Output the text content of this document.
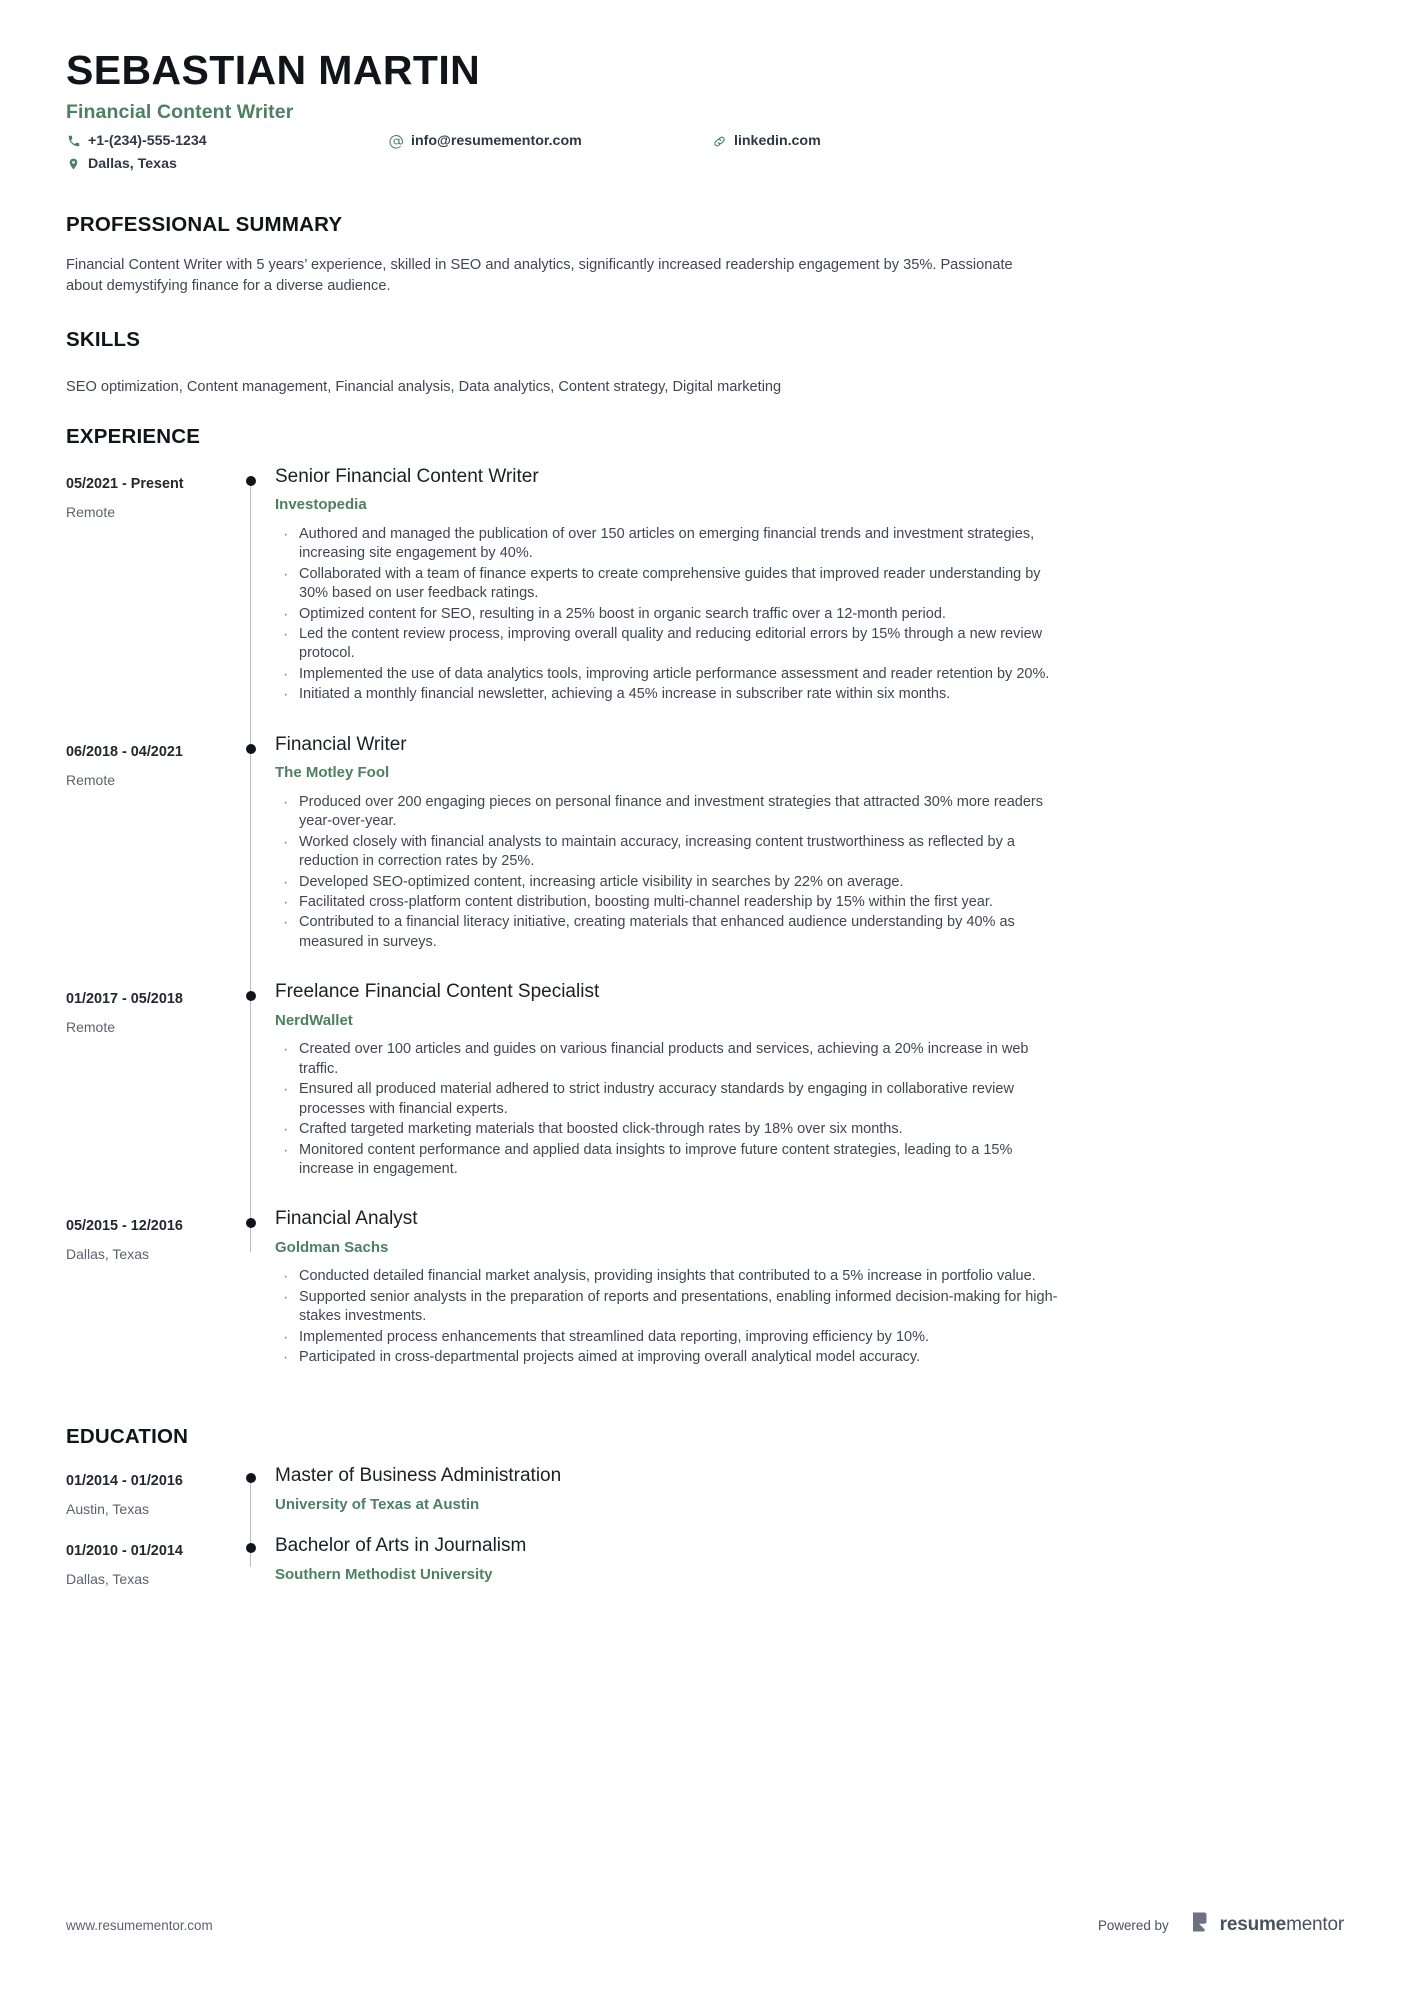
SEBASTIAN MARTIN
Financial Content Writer
+1-(234)-555-1234	info@resumementor.com	linkedin.com
Dallas, Texas
PROFESSIONAL SUMMARY
Financial Content Writer with 5 years’ experience, skilled in SEO and analytics, significantly increased readership engagement by 35%. Passionate about demystifying finance for a diverse audience.
SKILLS
SEO optimization, Content management, Financial analysis, Data analytics, Content strategy, Digital marketing
EXPERIENCE
05/2021 - Present
Remote
Senior Financial Content Writer
Investopedia
· Authored and managed the publication of over 150 articles on emerging financial trends and investment strategies, increasing site engagement by 40%.
· Collaborated with a team of finance experts to create comprehensive guides that improved reader understanding by 30% based on user feedback ratings.
· Optimized content for SEO, resulting in a 25% boost in organic search traffic over a 12-month period.
· Led the content review process, improving overall quality and reducing editorial errors by 15% through a new review protocol.
· Implemented the use of data analytics tools, improving article performance assessment and reader retention by 20%.
· Initiated a monthly financial newsletter, achieving a 45% increase in subscriber rate within six months.
06/2018 - 04/2021
Remote
Financial Writer
The Motley Fool
· Produced over 200 engaging pieces on personal finance and investment strategies that attracted 30% more readers year-over-year.
· Worked closely with financial analysts to maintain accuracy, increasing content trustworthiness as reflected by a reduction in correction rates by 25%.
· Developed SEO-optimized content, increasing article visibility in searches by 22% on average.
· Facilitated cross-platform content distribution, boosting multi-channel readership by 15% within the first year.
· Contributed to a financial literacy initiative, creating materials that enhanced audience understanding by 40% as measured in surveys.
01/2017 - 05/2018
Remote
Freelance Financial Content Specialist
NerdWallet
· Created over 100 articles and guides on various financial products and services, achieving a 20% increase in web traffic.
· Ensured all produced material adhered to strict industry accuracy standards by engaging in collaborative review processes with financial experts.
· Crafted targeted marketing materials that boosted click-through rates by 18% over six months.
· Monitored content performance and applied data insights to improve future content strategies, leading to a 15% increase in engagement.
05/2015 - 12/2016
Dallas, Texas
Financial Analyst
Goldman Sachs
· Conducted detailed financial market analysis, providing insights that contributed to a 5% increase in portfolio value.
· Supported senior analysts in the preparation of reports and presentations, enabling informed decision-making for high-stakes investments.
· Implemented process enhancements that streamlined data reporting, improving efficiency by 10%.
· Participated in cross-departmental projects aimed at improving overall analytical model accuracy.
EDUCATION
01/2014 - 01/2016
Austin, Texas
Master of Business Administration
University of Texas at Austin
01/2010 - 01/2014
Dallas, Texas
Bachelor of Arts in Journalism
Southern Methodist University
www.resumementor.com	Powered by	resumementor
